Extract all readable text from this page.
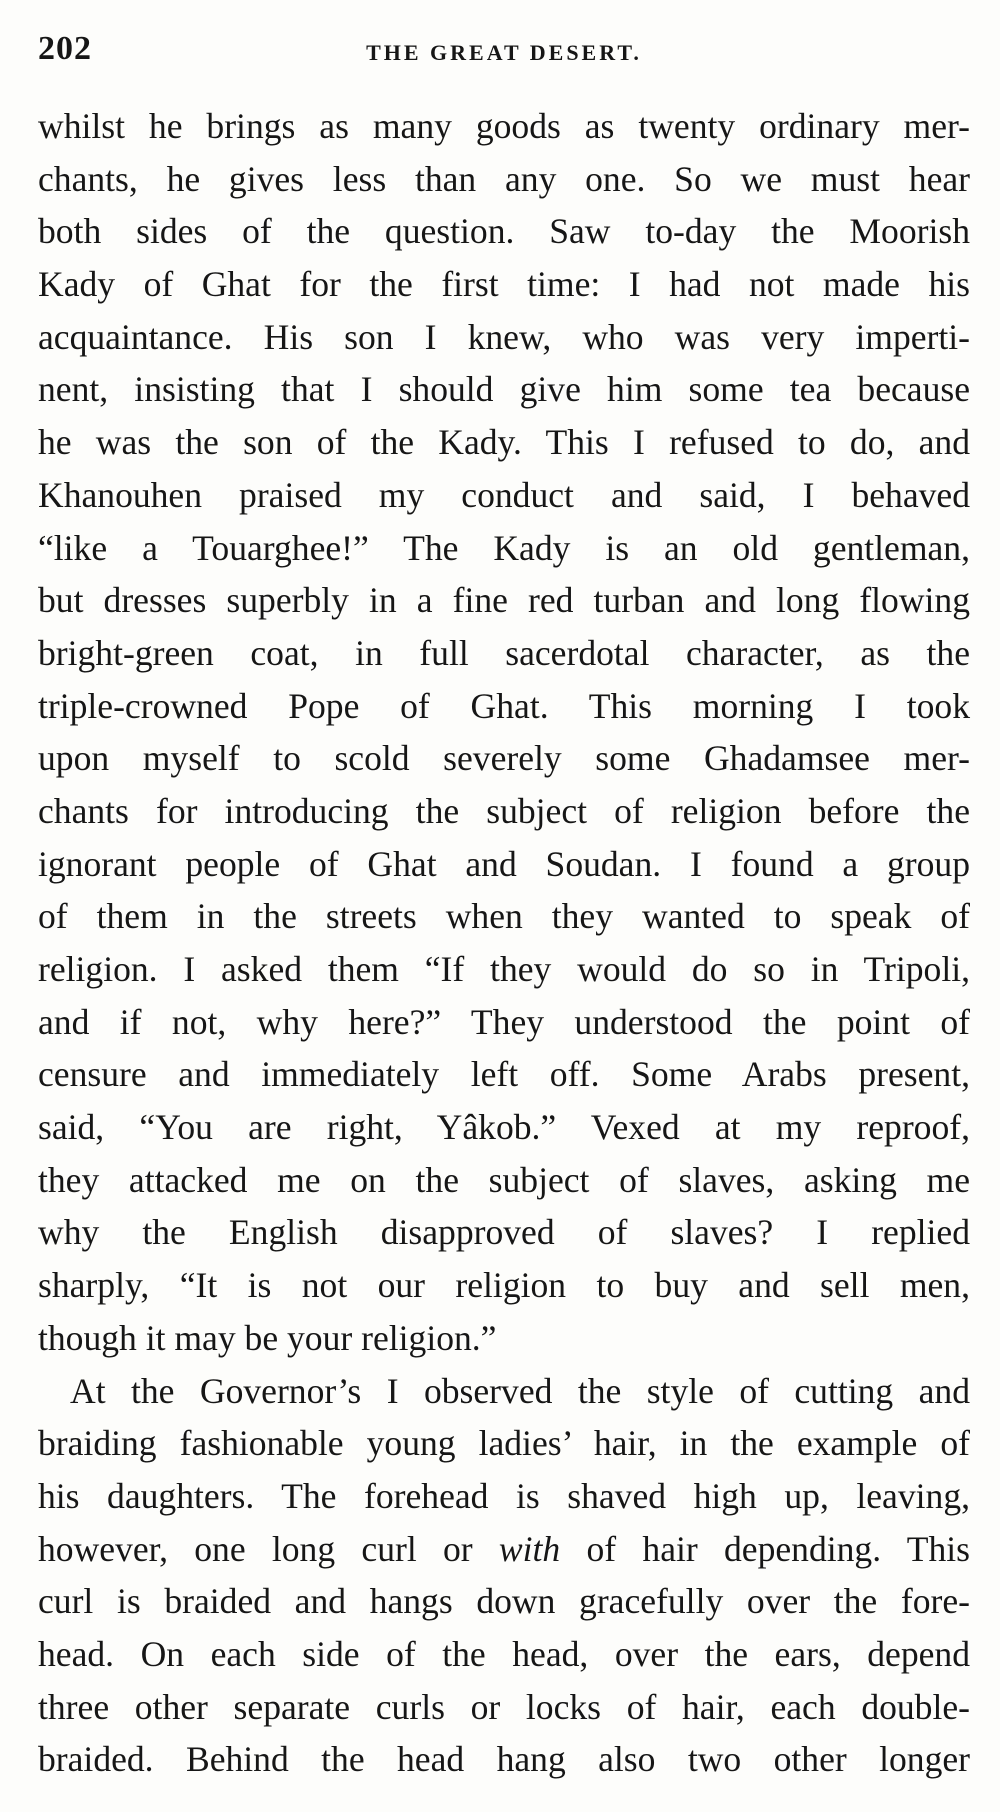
202	THE GREAT DESERT.
whilst he brings as many goods as twenty ordinary mer-
chants, he gives less than any one. So we must hear
both sides of the question. Saw to-day the Moorish
Kady of Ghat for the first time: I had not made his
acquaintance. His son I knew, who was very imperti-
nent, insisting that I should give him some tea because
he was the son of the Kady. This I refused to do, and
Khanouhen praised my conduct and said, I behaved
“like a Touarghee!” The Kady is an old gentleman,
but dresses superbly in a fine red turban and long flowing
bright-green coat, in full sacerdotal character, as the
triple-crowned Pope of Ghat. This morning I took
upon myself to scold severely some Ghadamsee mer-
chants for introducing the subject of religion before the
ignorant people of Ghat and Soudan. I found a group
of them in the streets when they wanted to speak of
religion. I asked them “If they would do so in Tripoli,
and if not, why here?” They understood the point of
censure and immediately left off. Some Arabs present,
said, “You are right, Yâkob.” Vexed at my reproof,
they attacked me on the subject of slaves, asking me
why the English disapproved of slaves? I replied
sharply, “It is not our religion to buy and sell men,
though it may be your religion.”
At the Governor’s I observed the style of cutting and
braiding fashionable young ladies’ hair, in the example of
his daughters. The forehead is shaved high up, leaving,
however, one long curl or with of hair depending. This
curl is braided and hangs down gracefully over the fore-
head. On each side of the head, over the ears, depend
three other separate curls or locks of hair, each double-
braided. Behind the head hang also two other longer
